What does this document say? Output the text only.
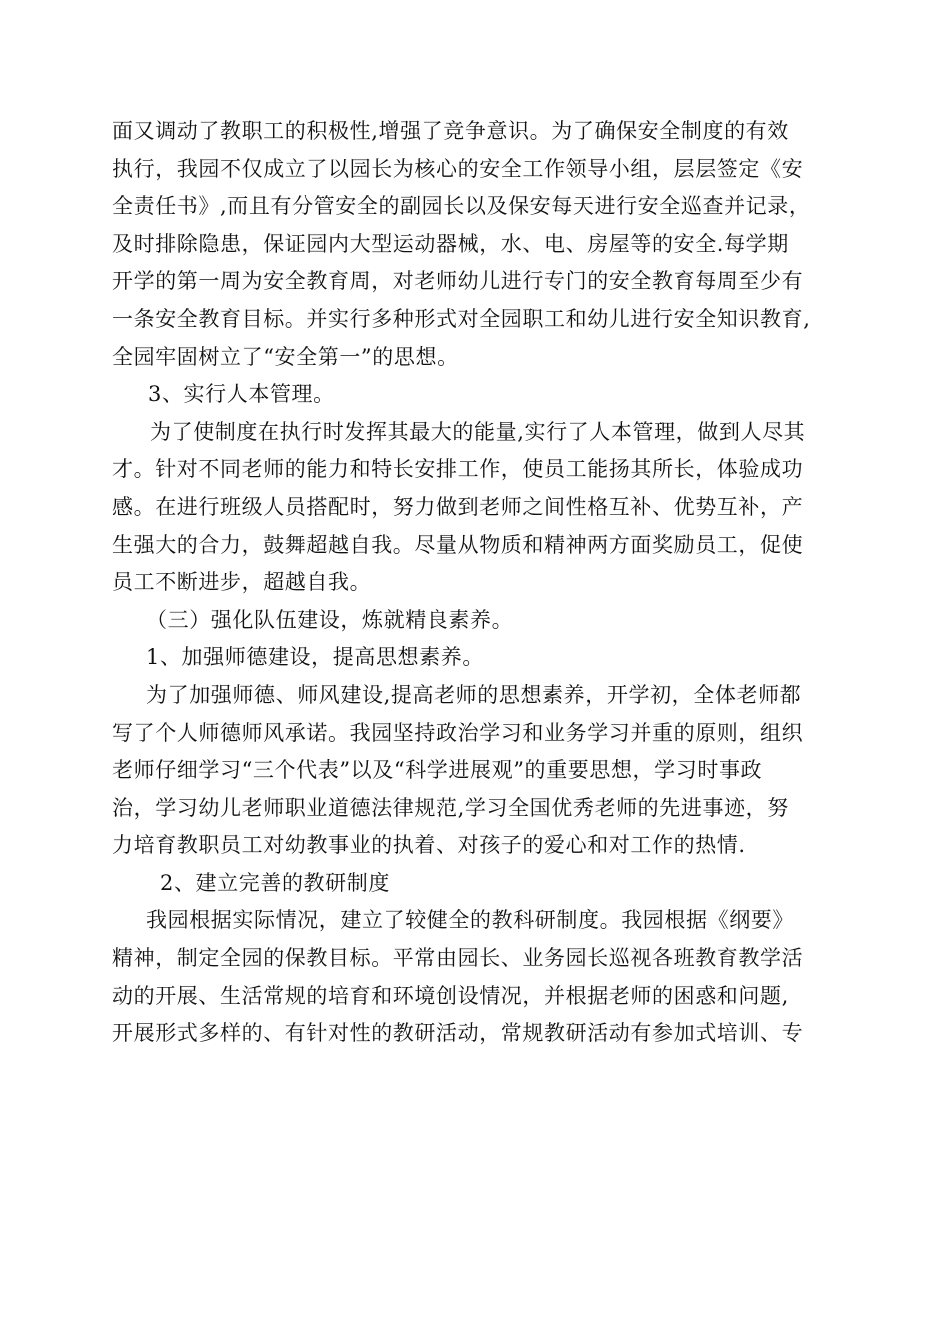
面又调动了教职工的积极性,增强了竞争意识。为了确保安全制度的有效
执行，我园不仅成立了以园长为核心的安全工作领导小组，层层签定《安
全责任书》,而且有分管安全的副园长以及保安每天进行安全巡查并记录，
及时排除隐患，保证园内大型运动器械，水、电、房屋等的安全.每学期
开学的第一周为安全教育周，对老师幼儿进行专门的安全教育每周至少有
一条安全教育目标。并实行多种形式对全园职工和幼儿进行安全知识教育,
全园牢固树立了“安全第一”的思想。
3、实行人本管理。
为了使制度在执行时发挥其最大的能量,实行了人本管理，做到人尽其
才。针对不同老师的能力和特长安排工作，使员工能扬其所长，体验成功
感。在进行班级人员搭配时，努力做到老师之间性格互补、优势互补，产
生强大的合力，鼓舞超越自我。尽量从物质和精神两方面奖励员工，促使
员工不断进步，超越自我。
（三）强化队伍建设，炼就精良素养。
1、加强师德建设，提高思想素养。
为了加强师德、师风建设,提高老师的思想素养，开学初，全体老师都
写了个人师德师风承诺。我园坚持政治学习和业务学习并重的原则，组织
老师仔细学习“三个代表”以及“科学进展观”的重要思想，学习时事政
治，学习幼儿老师职业道德法律规范,学习全国优秀老师的先进事迹，努
力培育教职员工对幼教事业的执着、对孩子的爱心和对工作的热情.
2、建立完善的教研制度
我园根据实际情况，建立了较健全的教科研制度。我园根据《纲要》
精神，制定全园的保教目标。平常由园长、业务园长巡视各班教育教学活
动的开展、生活常规的培育和环境创设情况，并根据老师的困惑和问题,
开展形式多样的、有针对性的教研活动，常规教研活动有参加式培训、专
